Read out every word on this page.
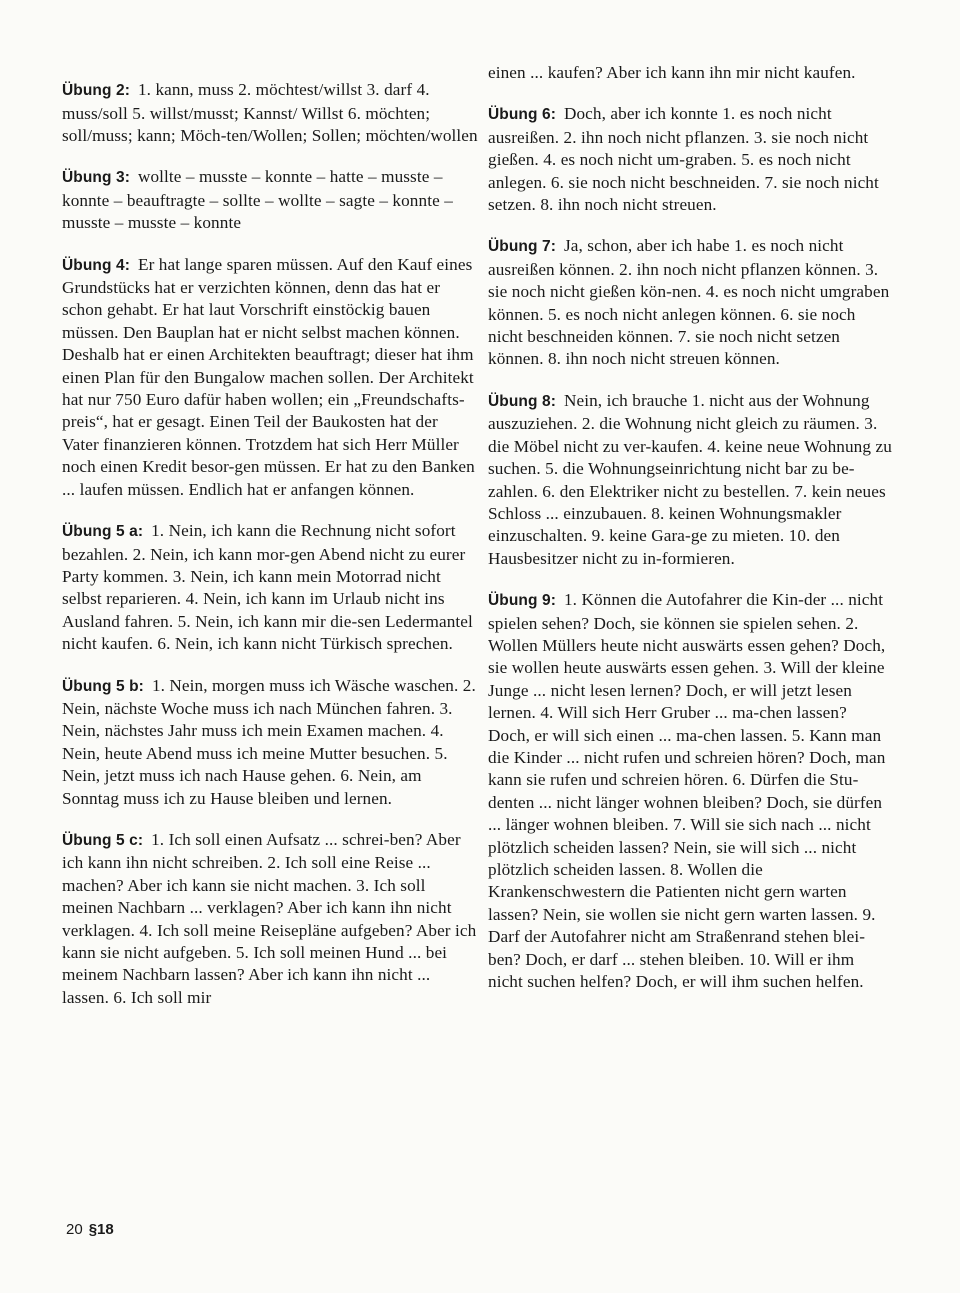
Übung 2: 1. kann, muss 2. möchtest/willst 3. darf 4. muss/soll 5. willst/musst; Kannst/ Willst 6. möchten; soll/muss; kann; Möch-ten/Wollen; Sollen; möchten/wollen

Übung 3: wollte – musste – konnte – hatte – musste – konnte – beauftragte – sollte – wollte – sagte – konnte – musste – musste – konnte

Übung 4: Er hat lange sparen müssen. Auf den Kauf eines Grundstücks hat er verzichten können, denn das hat er schon gehabt. Er hat laut Vorschrift einstöckig bauen müssen. Den Bauplan hat er nicht selbst machen können. Deshalb hat er einen Architekten beauftragt; dieser hat ihm einen Plan für den Bungalow machen sollen. Der Architekt hat nur 750 Euro dafür haben wollen; ein „Freundschafts-preis“, hat er gesagt. Einen Teil der Baukosten hat der Vater finanzieren können. Trotzdem hat sich Herr Müller noch einen Kredit besor-gen müssen. Er hat zu den Banken ... laufen müssen. Endlich hat er anfangen können.

Übung 5 a: 1. Nein, ich kann die Rechnung nicht sofort bezahlen. 2. Nein, ich kann mor-gen Abend nicht zu eurer Party kommen. 3. Nein, ich kann mein Motorrad nicht selbst reparieren. 4. Nein, ich kann im Urlaub nicht ins Ausland fahren. 5. Nein, ich kann mir die-sen Ledermantel nicht kaufen. 6. Nein, ich kann nicht Türkisch sprechen.

Übung 5 b: 1. Nein, morgen muss ich Wäsche waschen. 2. Nein, nächste Woche muss ich nach München fahren. 3. Nein, nächstes Jahr muss ich mein Examen machen. 4. Nein, heute Abend muss ich meine Mutter besuchen. 5. Nein, jetzt muss ich nach Hause gehen. 6. Nein, am Sonntag muss ich zu Hause bleiben und lernen.

Übung 5 c: 1. Ich soll einen Aufsatz ... schrei-ben? Aber ich kann ihn nicht schreiben. 2. Ich soll eine Reise ... machen? Aber ich kann sie nicht machen. 3. Ich soll meinen Nachbarn ... verklagen? Aber ich kann ihn nicht verklagen. 4. Ich soll meine Reisepläne aufgeben? Aber ich kann sie nicht aufgeben. 5. Ich soll meinen Hund ... bei meinem Nachbarn lassen? Aber ich kann ihn nicht ... lassen. 6. Ich soll mir

einen ... kaufen? Aber ich kann ihn mir nicht kaufen.

Übung 6: Doch, aber ich konnte 1. es noch nicht ausreißen. 2. ihn noch nicht pflanzen. 3. sie noch nicht gießen. 4. es noch nicht um-graben. 5. es noch nicht anlegen. 6. sie noch nicht beschneiden. 7. sie noch nicht setzen. 8. ihn noch nicht streuen.

Übung 7: Ja, schon, aber ich habe 1. es noch nicht ausreißen können. 2. ihn noch nicht pflanzen können. 3. sie noch nicht gießen kön-nen. 4. es noch nicht umgraben können. 5. es noch nicht anlegen können. 6. sie noch nicht beschneiden können. 7. sie noch nicht setzen können. 8. ihn noch nicht streuen können.

Übung 8: Nein, ich brauche 1. nicht aus der Wohnung auszuziehen. 2. die Wohnung nicht gleich zu räumen. 3. die Möbel nicht zu ver-kaufen. 4. keine neue Wohnung zu suchen. 5. die Wohnungseinrichtung nicht bar zu be-zahlen. 6. den Elektriker nicht zu bestellen. 7. kein neues Schloss ... einzubauen. 8. keinen Wohnungsmakler einzuschalten. 9. keine Gara-ge zu mieten. 10. den Hausbesitzer nicht zu in-formieren.

Übung 9: 1. Können die Autofahrer die Kin-der ... nicht spielen sehen? Doch, sie können sie spielen sehen. 2. Wollen Müllers heute nicht auswärts essen gehen? Doch, sie wollen heute auswärts essen gehen. 3. Will der kleine Junge ... nicht lesen lernen? Doch, er will jetzt lesen lernen. 4. Will sich Herr Gruber ... ma-chen lassen? Doch, er will sich einen ... ma-chen lassen. 5. Kann man die Kinder ... nicht rufen und schreien hören? Doch, man kann sie rufen und schreien hören. 6. Dürfen die Stu-denten ... nicht länger wohnen bleiben? Doch, sie dürfen ... länger wohnen bleiben. 7. Will sie sich nach ... nicht plötzlich scheiden lassen? Nein, sie will sich ... nicht plötzlich scheiden lassen. 8. Wollen die Krankenschwestern die Patienten nicht gern warten lassen? Nein, sie wollen sie nicht gern warten lassen. 9. Darf der Autofahrer nicht am Straßenrand stehen blei-ben? Doch, er darf ... stehen bleiben. 10. Will er ihm nicht suchen helfen? Doch, er will ihm suchen helfen.

20 §18
